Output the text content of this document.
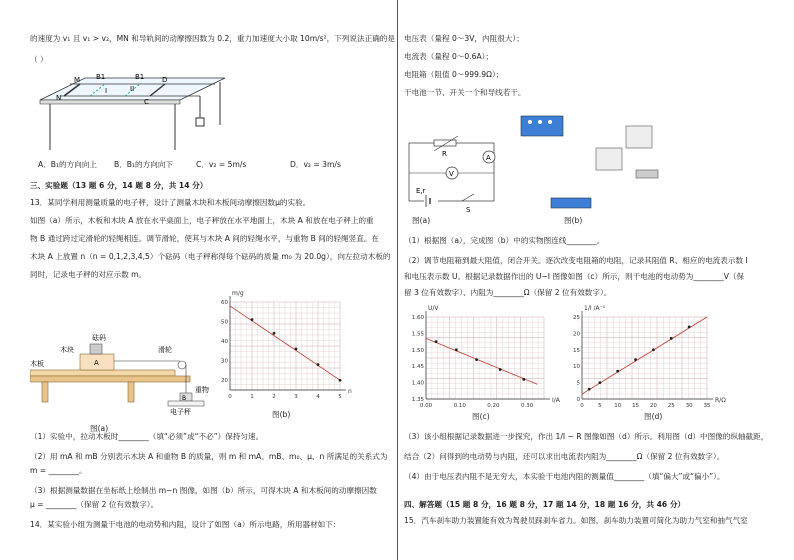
的速度为 v₁ 且 v₁ > v₂，MN 和导轨间的动摩擦因数为 0.2，重力加速度大小取 10m/s²，下列说法正确的是
（ ）
M
N
B1	B1
I	II
D
C
A．B₁的方向向上 B．B₁的方向向下	C．v₂ = 5m/s	D．v₂ = 3m/s
三、实验题（13 题 6 分，14 题 8 分，共 14 分）
13．某同学利用测量质量的电子秤，设计了测量木块和木板间动摩擦因数μ的实验。
如图（a）所示，木板和木块 A 放在水平桌面上，电子秤放在水平地面上，木块 A 和放在电子秤上的重
物 B 通过跨过定滑轮的轻绳相连。调节滑轮，使其与木块 A 间的轻绳水平，与重物 B 间的轻绳竖直。在
木块 A 上放置 n（n = 0,1,2,3,4,5）个砝码（电子秤称得每个砝码的质量 m₀ 为 20.0g），向左拉动木板的
同时，记录电子秤的对应示数 m。
砝码
木块
木板	A
滑轮
重物
B
电子秤
图(a)
0	1	2	3	4	5
20
30
40
50
60
n
m/g
图(b)
（1）实验中，拉动木板时________（填“必须”或“不必”）保持匀速。
（2）用 mA 和 mB 分别表示木块 A 和重物 B 的质量，则 m 和 mA、mB、m₀、μ、n 所满足的关系式为
m = ________。
（3）根据测量数据在坐标纸上绘制出 m−n 图像，如图（b）所示，可得木块 A 和木板间的动摩擦因数
μ = ________（保留 2 位有效数字）。
14．某实验小组为测量干电池的电动势和内阻，设计了如图（a）所示电路，所用器材如下：
电压表（量程 0～3V，内阻很大）；
电流表（量程 0～0.6A）；
电阻箱（阻值 0～999.9Ω）；
干电池一节、开关一个和导线若干。
R
V
A
E,r
S
图(a)	图(b)
（1）根据图（a），完成图（b）中的实物图连线________。
（2）调节电阻箱到最大阻值，闭合开关。逐次改变电阻箱的电阻，记录其阻值 R、相应的电流表示数 I
和电压表示数 U。根据记录数据作出的 U−I 图像如图（c）所示，则干电池的电动势为________V（保
留 3 位有效数字）、内阻为________Ω（保留 2 位有效数字）。
0.00	0.10	0.20	0.30
1.35
1.40
1.45
1.50
1.55
1.60
I/A
U/V
图(c)
0	5 10 15 20 25 30 35
0
5
10
15
20
25
R/Ω
1/I /A⁻¹
图(d)
（3）该小组根据记录数据进一步探究，作出 1/I − R 图像如图（d）所示。利用图（d）中图像的纵轴截距，
结合（2）问得到的电动势与内阻，还可以求出电流表内阻为________Ω（保留 2 位有效数字）。
（4）由于电压表内阻不是无穷大，本实验干电池内阻的测量值________（填“偏大”或“偏小”）。
四、解答题（15 题 8 分，16 题 8 分，17 题 14 分，18 题 16 分，共 46 分）
15．汽车刹车助力装置能有效为驾驶员踩刹车省力。如图，刹车助力装置可简化为助力气室和抽气气室
